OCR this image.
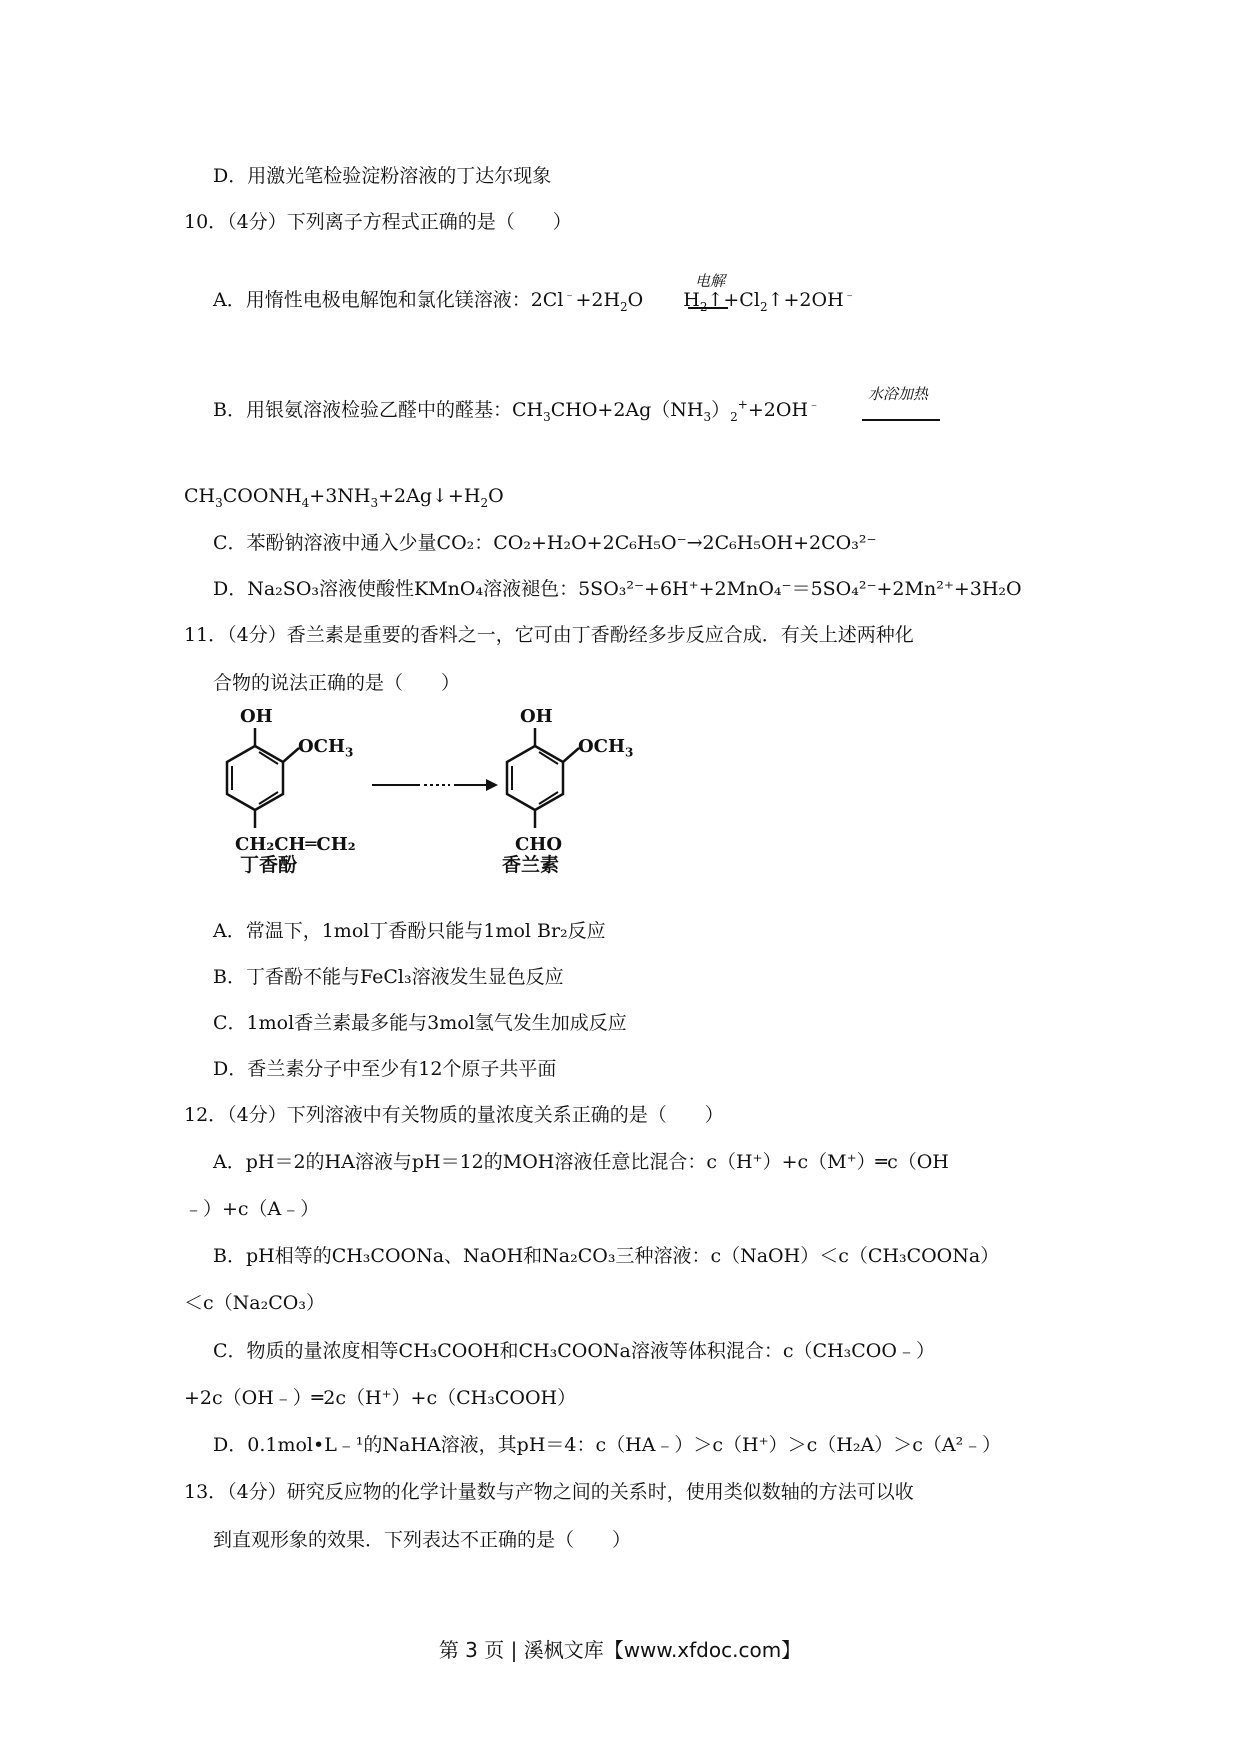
D．用激光笔检验淀粉溶液的丁达尔现象
10．（4分）下列离子方程式正确的是（　　）
A．用惰性电极电解饱和氯化镁溶液：$2Cl^﹣+2H_2O$ $H_2↑+Cl_2↑+2OH^﹣$
电解
B．用银氨溶液检验乙醛中的醛基：$CH_3CHO+2Ag(NH_3)_2^++2OH^﹣$
水浴加热
$CH_3COONH_4+3NH_3+2Ag↓+H_2O$
C．苯酚钠溶液中通入少量CO₂：CO₂+H₂O+2C₆H₅O⁻→2C₆H₅OH+2CO₃²⁻
D．Na₂SO₃溶液使酸性KMnO₄溶液褪色：5SO₃²⁻+6H⁺+2MnO₄⁻＝5SO₄²⁻+2Mn²⁺+3H₂O
11．（4分）香兰素是重要的香料之一，它可由丁香酚经多步反应合成．有关上述两种化
合物的说法正确的是（　　）
OH
$OCH_3$
CH₂CH═CH₂
丁香酚
OH
$OCH_3$
CHO
香兰素
A．常温下，1mol丁香酚只能与1mol Br₂反应
B．丁香酚不能与FeCl₃溶液发生显色反应
C．1mol香兰素最多能与3mol氢气发生加成反应
D．香兰素分子中至少有12个原子共平面
12．（4分）下列溶液中有关物质的量浓度关系正确的是（　　）
A．pH＝2的HA溶液与pH＝12的MOH溶液任意比混合：c（H⁺）+c（M⁺）═c（OH
﹣）+c（A﹣）
B．pH相等的CH₃COONa、NaOH和Na₂CO₃三种溶液：c（NaOH）＜c（CH₃COONa）
＜c（Na₂CO₃）
C．物质的量浓度相等CH₃COOH和CH₃COONa溶液等体积混合：c（CH₃COO﹣）
+2c（OH﹣）═2c（H⁺）+c（CH₃COOH）
D．0.1mol•L﹣¹的NaHA溶液，其pH＝4：c（HA﹣）＞c（H⁺）＞c（H₂A）＞c（A²﹣）
13．（4分）研究反应物的化学计量数与产物之间的关系时，使用类似数轴的方法可以收
到直观形象的效果．下列表达不正确的是（　　）
第 3 页 | 溪枫文库【www.xfdoc.com】
